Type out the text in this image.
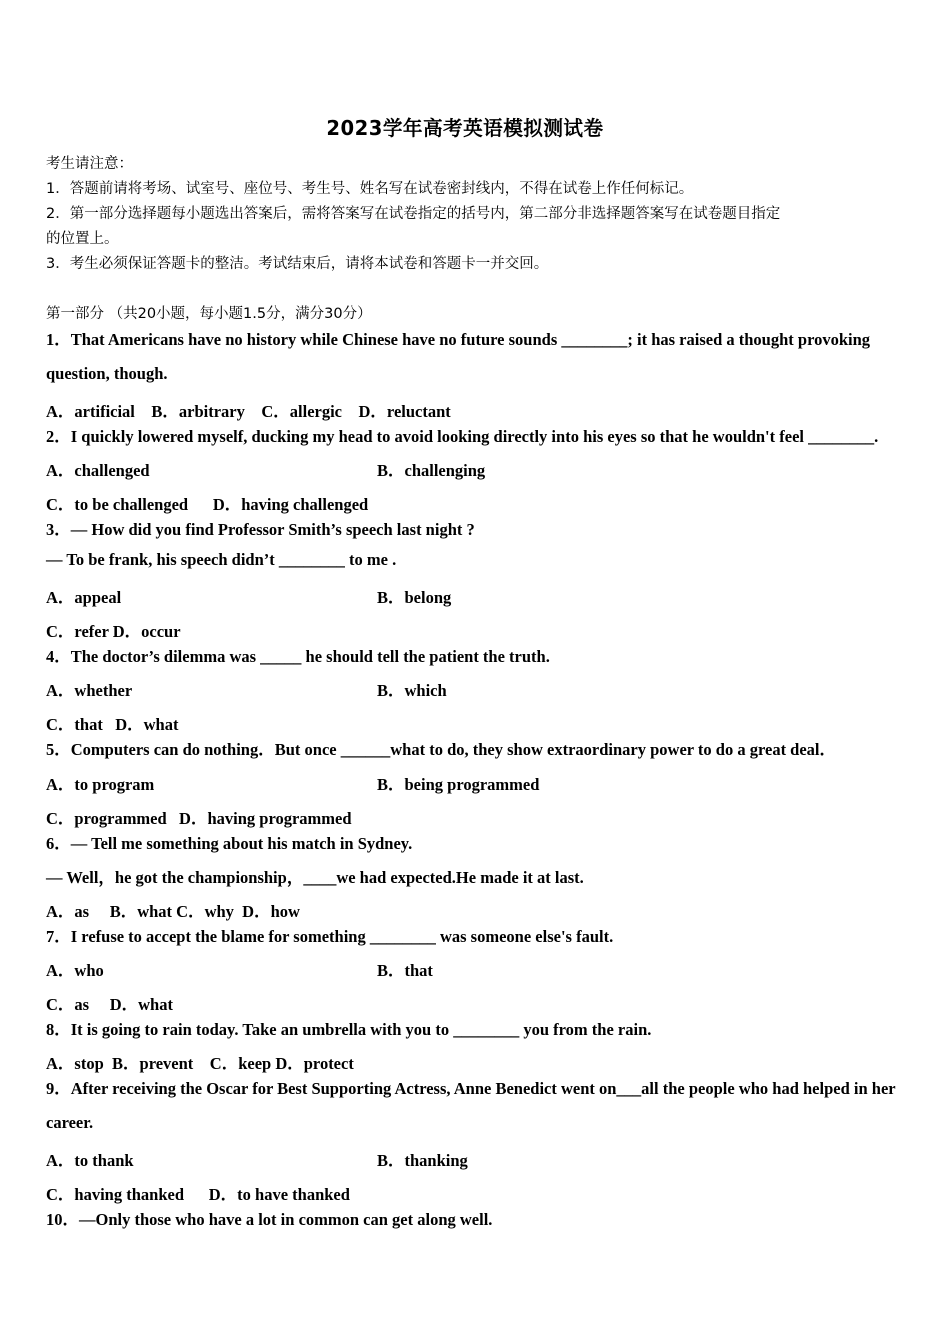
2023学年高考英语模拟测试卷
考生请注意：
1．答题前请将考场、试室号、座位号、考生号、姓名写在试卷密封线内，不得在试卷上作任何标记。
2．第一部分选择题每小题选出答案后，需将答案写在试卷指定的括号内，第二部分非选择题答案写在试卷题目指定
的位置上。
3．考生必须保证答题卡的整洁。考试结束后，请将本试卷和答题卡一并交回。
第一部分 （共20小题，每小题1.5分，满分30分）
1．That Americans have no history while Chinese have no future sounds ________; it has raised a thought provoking
question, though.
A．artificial    B．arbitrary    C．allergic    D．reluctant
2．I quickly lowered myself, ducking my head to avoid looking directly into his eyes so that he wouldn't feel ________.
A．challenged	B．challenging
C．to be challenged      D．having challenged
3．— How did you find Professor Smith’s speech last night ?
— To be frank, his speech didn’t ________ to me .
A．appeal	B．belong
C．refer D．occur
4．The doctor’s dilemma was _____ he should tell the patient the truth.
A．whether	B．which
C．that   D．what
5．Computers can do nothing．But once ______what to do, they show extraordinary power to do a great deal．
A．to program	B．being programmed
C．programmed   D．having programmed
6．— Tell me something about his match in Sydney.
— Well，he got the championship，____we had expected.He made it at last.
A．as     B．what C．why  D．how
7．I refuse to accept the blame for something ________ was someone else's fault.
A．who	B．that
C．as     D．what
8．It is going to rain today. Take an umbrella with you to ________ you from the rain.
A．stop  B．prevent    C．keep D．protect
9．After receiving the Oscar for Best Supporting Actress, Anne Benedict went on___all the people who had helped in her
career.
A．to thank	B．thanking
C．having thanked      D．to have thanked
10．—Only those who have a lot in common can get along well.
